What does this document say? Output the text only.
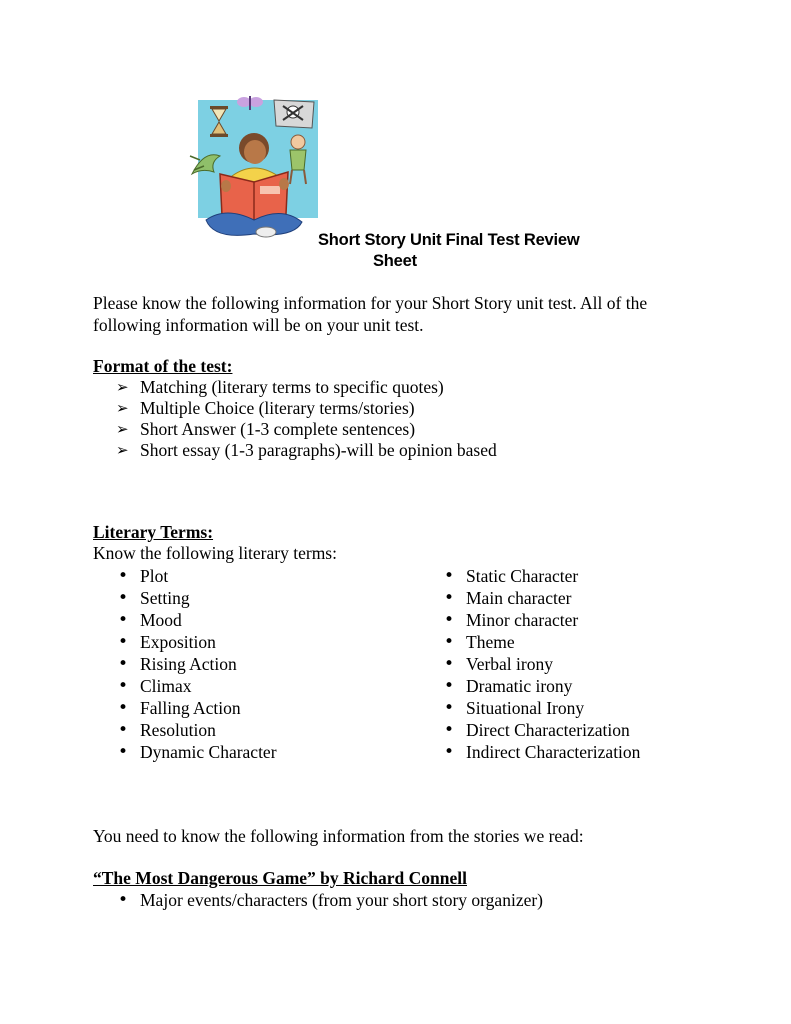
Short Story Unit Final Test Review
Sheet
Please know the following information for your Short Story unit test. All of the
following information will be on your unit test.
Format of the test:
➢ Matching (literary terms to specific quotes)
➢ Multiple Choice (literary terms/stories)
➢ Short Answer (1-3 complete sentences)
➢ Short essay (1-3 paragraphs)-will be opinion based
Literary Terms:
Know the following literary terms:
• Plot
• Setting
• Mood
• Exposition
• Rising Action
• Climax
• Falling Action
• Resolution
• Dynamic Character
• Static Character
• Main character
• Minor character
• Theme
• Verbal irony
• Dramatic irony
• Situational Irony
• Direct Characterization
• Indirect Characterization
You need to know the following information from the stories we read:
“The Most Dangerous Game” by Richard Connell
• Major events/characters (from your short story organizer)
